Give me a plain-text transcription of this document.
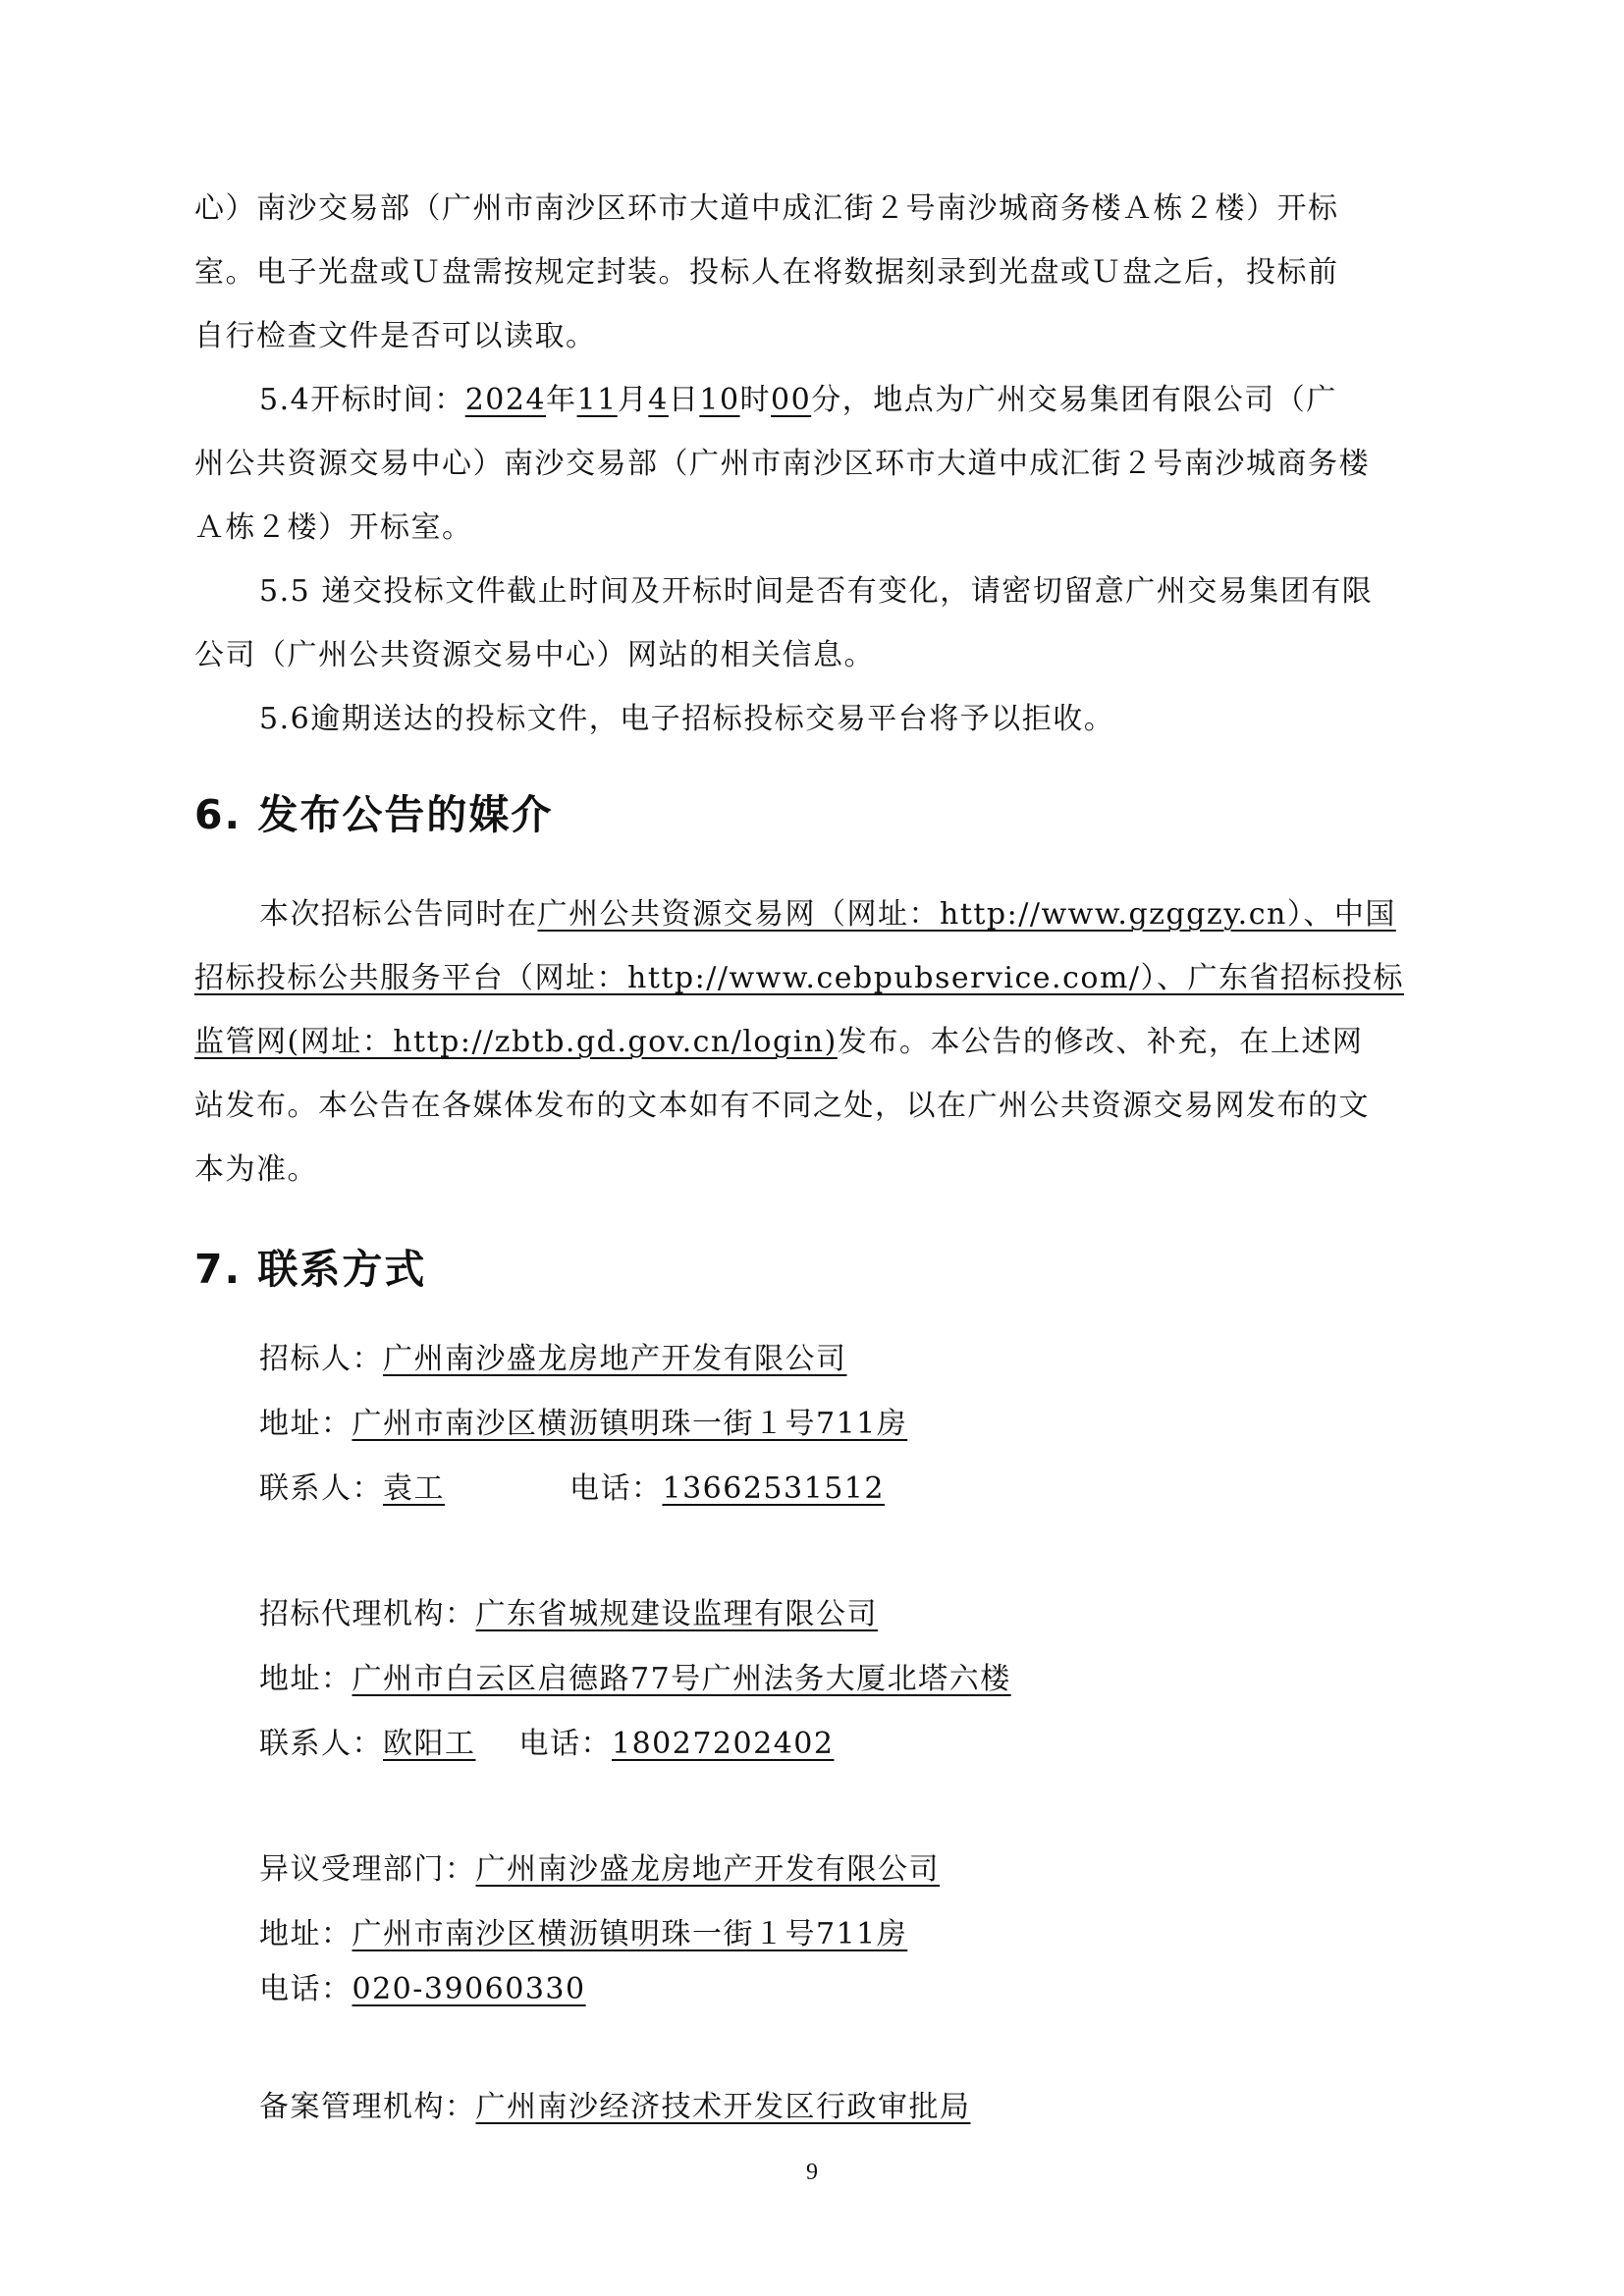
心）南沙交易部（广州市南沙区环市大道中成汇街２号南沙城商务楼Ａ栋２楼）开标

室。电子光盘或Ｕ盘需按规定封装。投标人在将数据刻录到光盘或Ｕ盘之后，投标前

自行检查文件是否可以读取。

5.4开标时间：2024年11月4日10时00分，地点为广州交易集团有限公司（广

州公共资源交易中心）南沙交易部（广州市南沙区环市大道中成汇街２号南沙城商务楼

Ａ栋２楼）开标室。

5.5 递交投标文件截止时间及开标时间是否有变化，请密切留意广州交易集团有限

公司（广州公共资源交易中心）网站的相关信息。

5.6逾期送达的投标文件，电子招标投标交易平台将予以拒收。

6. 发布公告的媒介

本次招标公告同时在广州公共资源交易网（网址：http://www.gzggzy.cn）、中国

招标投标公共服务平台（网址：http://www.cebpubservice.com/）、广东省招标投标

监管网(网址：http://zbtb.gd.gov.cn/login)发布。本公告的修改、补充，在上述网

站发布。本公告在各媒体发布的文本如有不同之处，以在广州公共资源交易网发布的文

本为准。

7. 联系方式

招标人：广州南沙盛龙房地产开发有限公司

地址：广州市南沙区横沥镇明珠一街１号711房

联系人：袁工	电话：13662531512

招标代理机构：广东省城规建设监理有限公司

地址：广州市白云区启德路77号广州法务大厦北塔六楼

联系人：欧阳工 电话：18027202402

异议受理部门：广州南沙盛龙房地产开发有限公司

地址：广州市南沙区横沥镇明珠一街１号711房

电话：020-39060330

备案管理机构：广州南沙经济技术开发区行政审批局

9
